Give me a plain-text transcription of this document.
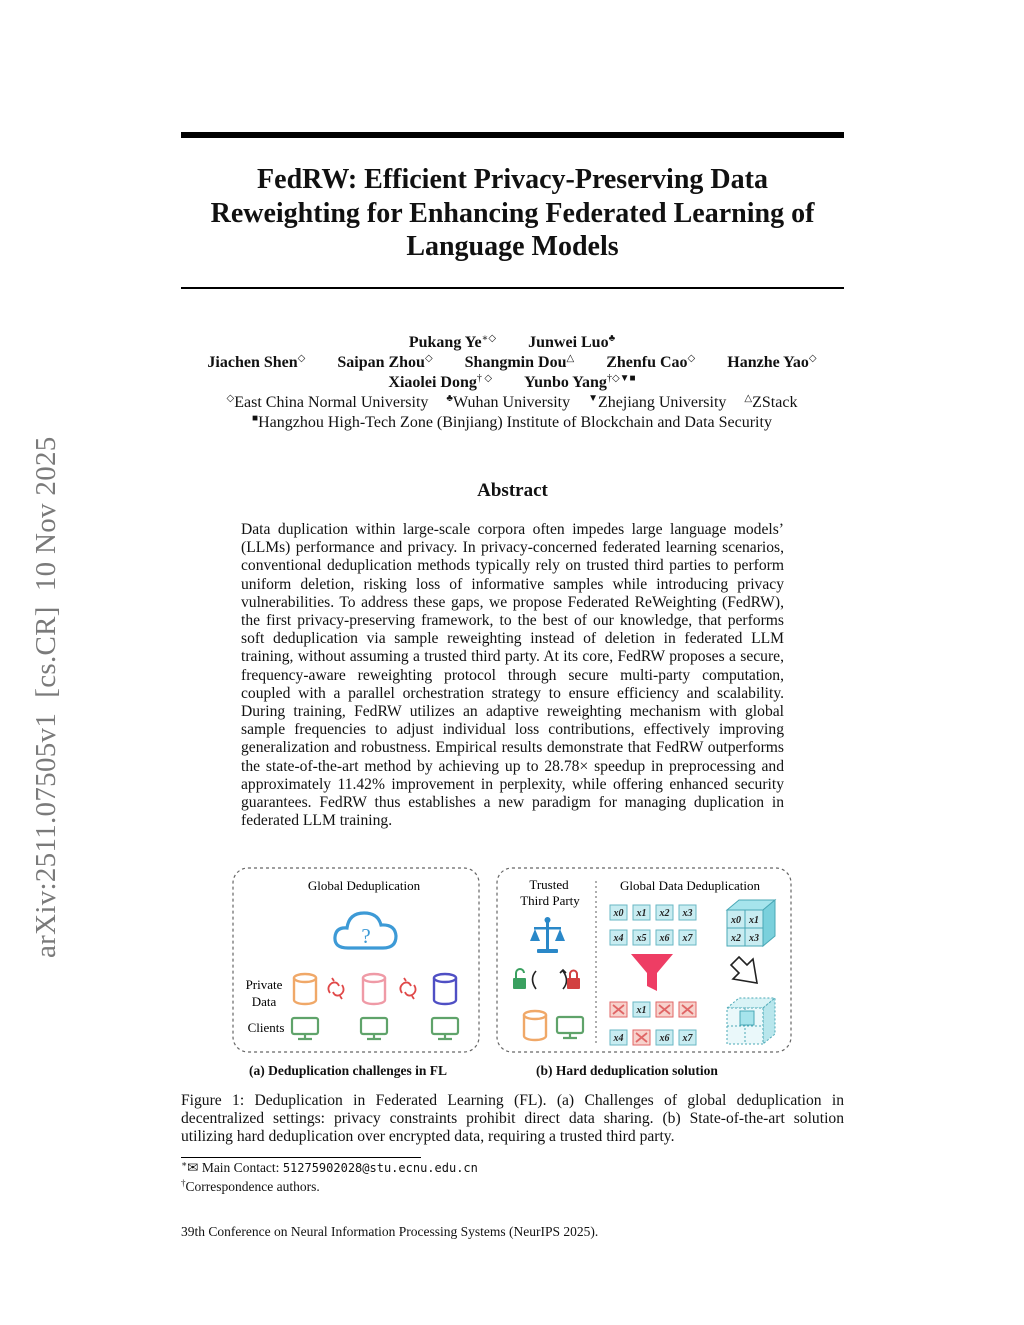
arXiv:2511.07505v1  [cs.CR]  10 Nov 2025
FedRW: Efficient Privacy-Preserving Data
Reweighting for Enhancing Federated Learning of
Language Models
Pukang Ye∗◇ Junwei Luo♣
Jiachen Shen◇ Saipan Zhou◇ Shangmin Dou△ Zhenfu Cao◇ Hanzhe Yao◇
Xiaolei Dong† ◇ Yunbo Yang†◇▼■
◇East China Normal University ♣Wuhan University ▼Zhejiang University △ZStack
■Hangzhou High-Tech Zone (Binjiang) Institute of Blockchain and Data Security
Abstract
Data duplication within large-scale corpora often impedes large language models’ (LLMs) performance and privacy. In privacy-concerned federated learning scenarios, conventional deduplication methods typically rely on trusted third parties to perform uniform deletion, risking loss of informative samples while introducing privacy vulnerabilities. To address these gaps, we propose Federated ReWeighting (FedRW), the first privacy-preserving framework, to the best of our knowledge, that performs soft deduplication via sample reweighting instead of deletion in federated LLM training, without assuming a trusted third party. At its core, FedRW proposes a secure, frequency-aware reweighting protocol through secure multi-party computation, coupled with a parallel orchestration strategy to ensure efficiency and scalability. During training, FedRW utilizes an adaptive reweighting mechanism with global sample frequencies to adjust individual loss contributions, effectively improving generalization and robustness. Empirical results demonstrate that FedRW outperforms the state-of-the-art method by achieving up to 28.78× speedup in preprocessing and approximately 11.42% improvement in perplexity, while offering enhanced security guarantees. FedRW thus establishes a new paradigm for managing duplication in federated LLM training.
Global Deduplication
?
Private
Data
Clients
Trusted
Third Party
Global Data Deduplication
x0 x1 x2 x3
x4 x5 x6 x7
x0 x1
x2 x3
x1
x4	x6 x7
(a) Deduplication challenges in FL	(b) Hard deduplication solution
Figure 1: Deduplication in Federated Learning (FL). (a) Challenges of global deduplication in decentralized settings: privacy constraints prohibit direct data sharing. (b) State-of-the-art solution utilizing hard deduplication over encrypted data, requiring a trusted third party.
∗✉ Main Contact: 51275902028@stu.ecnu.edu.cn
†Correspondence authors.
39th Conference on Neural Information Processing Systems (NeurIPS 2025).
